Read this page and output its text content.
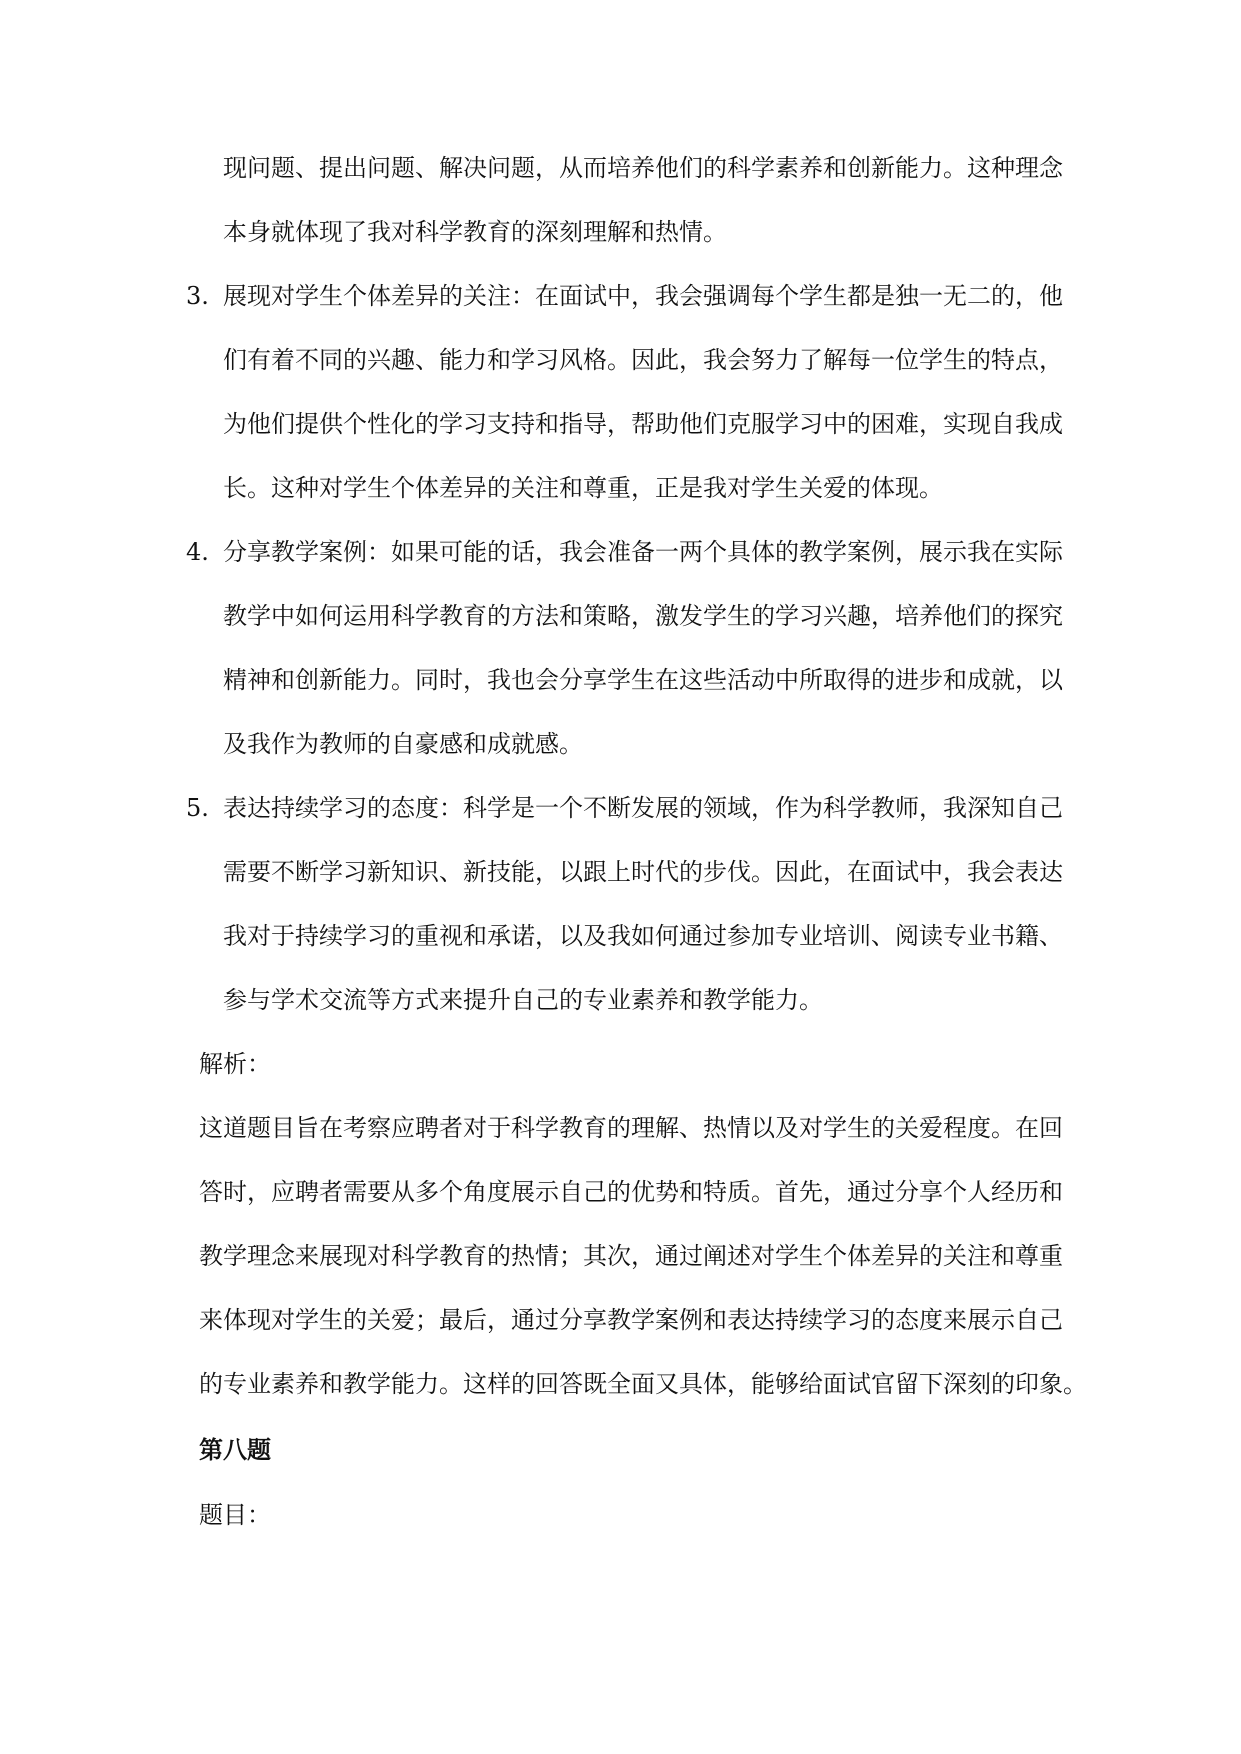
现问题、提出问题、解决问题，从而培养他们的科学素养和创新能力。这种理念
本身就体现了我对科学教育的深刻理解和热情。
3. 展现对学生个体差异的关注：在面试中，我会强调每个学生都是独一无二的，他
们有着不同的兴趣、能力和学习风格。因此，我会努力了解每一位学生的特点，
为他们提供个性化的学习支持和指导，帮助他们克服学习中的困难，实现自我成
长。这种对学生个体差异的关注和尊重，正是我对学生关爱的体现。
4. 分享教学案例：如果可能的话，我会准备一两个具体的教学案例，展示我在实际
教学中如何运用科学教育的方法和策略，激发学生的学习兴趣，培养他们的探究
精神和创新能力。同时，我也会分享学生在这些活动中所取得的进步和成就，以
及我作为教师的自豪感和成就感。
5. 表达持续学习的态度：科学是一个不断发展的领域，作为科学教师，我深知自己
需要不断学习新知识、新技能，以跟上时代的步伐。因此，在面试中，我会表达
我对于持续学习的重视和承诺，以及我如何通过参加专业培训、阅读专业书籍、
参与学术交流等方式来提升自己的专业素养和教学能力。
解析：
这道题目旨在考察应聘者对于科学教育的理解、热情以及对学生的关爱程度。在回
答时，应聘者需要从多个角度展示自己的优势和特质。首先，通过分享个人经历和
教学理念来展现对科学教育的热情；其次，通过阐述对学生个体差异的关注和尊重
来体现对学生的关爱；最后，通过分享教学案例和表达持续学习的态度来展示自己
的专业素养和教学能力。这样的回答既全面又具体，能够给面试官留下深刻的印象。
第八题
题目：
